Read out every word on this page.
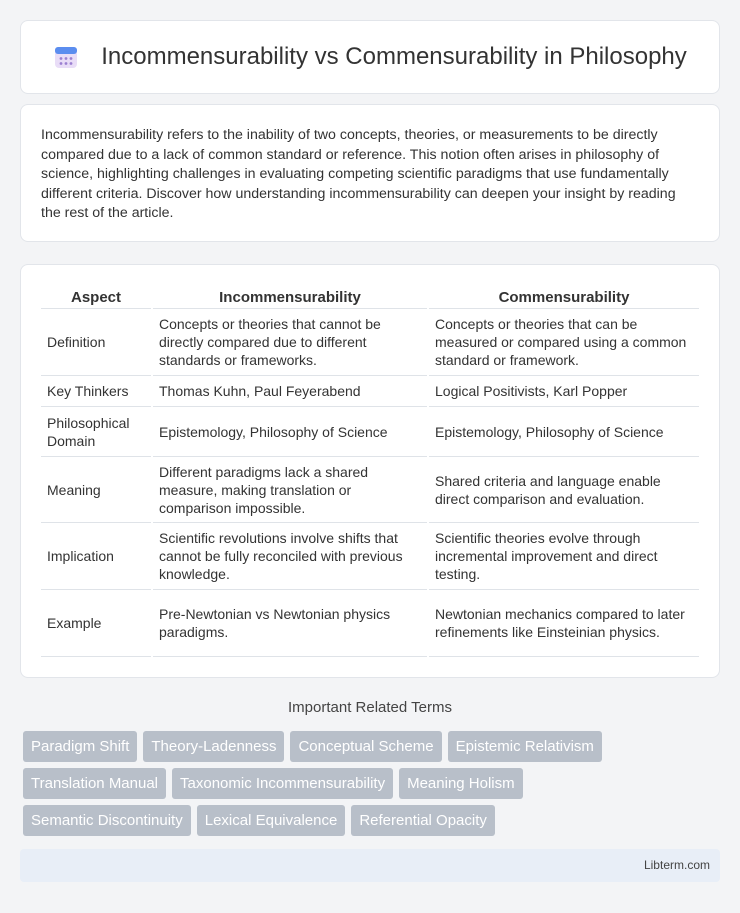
Incommensurability vs Commensurability in Philosophy

Incommensurability refers to the inability of two concepts, theories, or measurements to be directly compared due to a lack of common standard or reference. This notion often arises in philosophy of science, highlighting challenges in evaluating competing scientific paradigms that use fundamentally different criteria. Discover how understanding incommensurability can deepen your insight by reading the rest of the article.

Aspect	Incommensurability	Commensurability
Definition	Concepts or theories that cannot be directly compared due to different standards or frameworks.	Concepts or theories that can be measured or compared using a common standard or framework.
Key Thinkers	Thomas Kuhn, Paul Feyerabend	Logical Positivists, Karl Popper
Philosophical Domain	Epistemology, Philosophy of Science	Epistemology, Philosophy of Science
Meaning	Different paradigms lack a shared measure, making translation or comparison impossible.	Shared criteria and language enable direct comparison and evaluation.
Implication	Scientific revolutions involve shifts that cannot be fully reconciled with previous knowledge.	Scientific theories evolve through incremental improvement and direct testing.
Example	Pre-Newtonian vs Newtonian physics paradigms.	Newtonian mechanics compared to later refinements like Einsteinian physics.
Important Related Terms
Paradigm Shift	Theory-Ladenness	Conceptual Scheme	Epistemic Relativism
Translation Manual	Taxonomic Incommensurability	Meaning Holism
Semantic Discontinuity	Lexical Equivalence	Referential Opacity
Libterm.com
